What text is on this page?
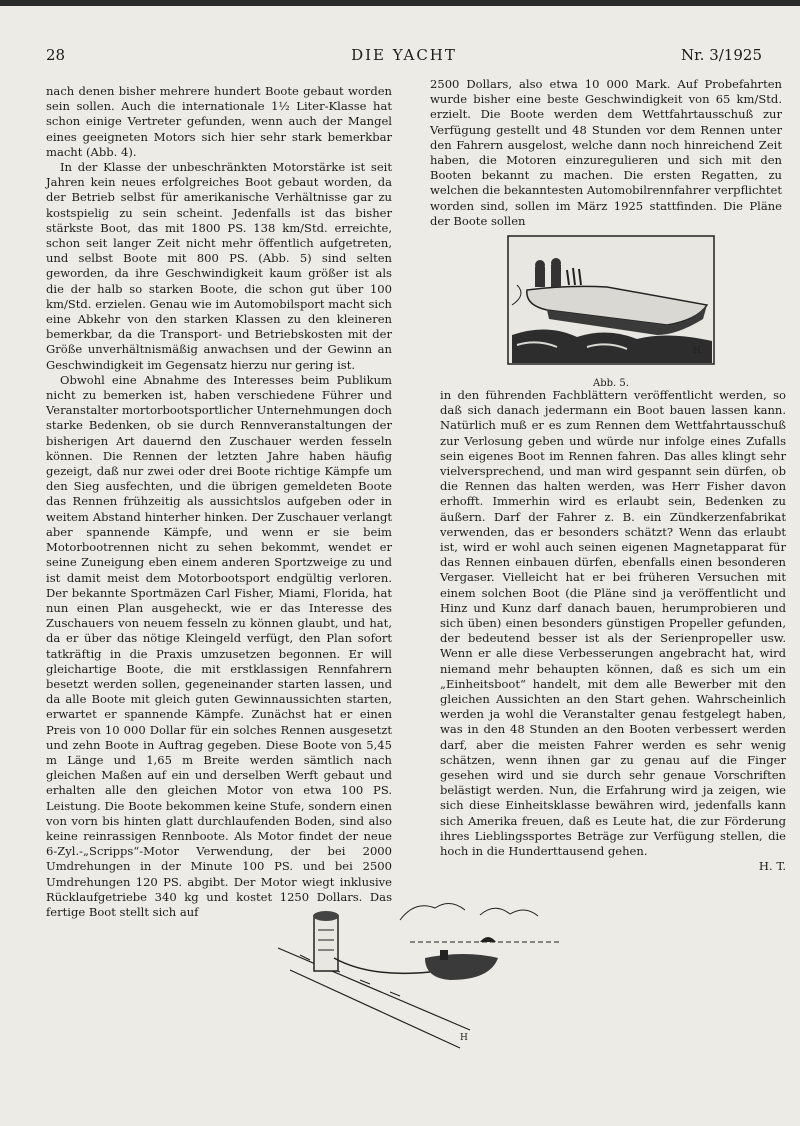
28	DIE YACHT	Nr. 3/1925

nach denen bisher mehrere hundert Boote gebaut worden sein sollen. Auch die internationale 1½ Liter-Klasse hat schon einige Vertreter gefunden, wenn auch der Mangel eines geeigneten Motors sich hier sehr stark bemerkbar macht (Abb. 4).

In der Klasse der unbeschränkten Motorstärke ist seit Jahren kein neues erfolgreiches Boot gebaut worden, da der Betrieb selbst für amerikanische Verhältnisse gar zu kostspielig zu sein scheint. Jedenfalls ist das bisher stärkste Boot, das mit 1800 PS. 138 km/Std. erreichte, schon seit langer Zeit nicht mehr öffentlich aufgetreten, und selbst Boote mit 800 PS. (Abb. 5) sind selten geworden, da ihre Geschwindigkeit kaum größer ist als die der halb so starken Boote, die schon gut über 100 km/Std. erzielen. Genau wie im Automobilsport macht sich eine Abkehr von den starken Klassen zu den kleineren bemerkbar, da die Transport- und Betriebskosten mit der Größe unverhältnismäßig anwachsen und der Gewinn an Geschwindigkeit im Gegensatz hierzu nur gering ist.

Obwohl eine Abnahme des Interesses beim Publikum nicht zu bemerken ist, haben verschiedene Führer und Veranstalter mortorbootsportlicher Unternehmungen doch starke Bedenken, ob sie durch Rennveranstaltungen der bisherigen Art dauernd den Zuschauer werden fesseln können. Die Rennen der letzten Jahre haben häufig gezeigt, daß nur zwei oder drei Boote richtige Kämpfe um den Sieg ausfechten, und die übrigen gemeldeten Boote das Rennen frühzeitig als aussichtslos aufgeben oder in weitem Abstand hinterher hinken. Der Zuschauer verlangt aber spannende Kämpfe, und wenn er sie beim Motorbootrennen nicht zu sehen bekommt, wendet er seine Zuneigung eben einem anderen Sportzweige zu und ist damit meist dem Motorbootsport endgültig verloren. Der bekannte Sportmäzen Carl Fisher, Miami, Florida, hat nun einen Plan ausgeheckt, wie er das Interesse des Zuschauers von neuem fesseln zu können glaubt, und hat, da er über das nötige Kleingeld verfügt, den Plan sofort tatkräftig in die Praxis umzusetzen begonnen. Er will gleichartige Boote, die mit erstklassigen Rennfahrern besetzt werden sollen, gegeneinander starten lassen, und da alle Boote mit gleich guten Gewinnaussichten starten, erwartet er spannende Kämpfe. Zunächst hat er einen Preis von 10 000 Dollar für ein solches Rennen ausgesetzt und zehn Boote in Auftrag gegeben. Diese Boote von 5,45 m Länge und 1,65 m Breite werden sämtlich nach gleichen Maßen auf ein und derselben Werft gebaut und erhalten alle den gleichen Motor von etwa 100 PS. Leistung. Die Boote bekommen keine Stufe, sondern einen von vorn bis hinten glatt durchlaufenden Boden, sind also keine reinrassigen Rennboote. Als Motor findet der neue 6-Zyl.-„Scripps“-Motor Verwendung, der bei 2000 Umdrehungen in der Minute 100 PS. und bei 2500 Umdrehungen 120 PS. abgibt. Der Motor wiegt inklusive Rücklaufgetriebe 340 kg und kostet 1250 Dollars. Das fertige Boot stellt sich auf

2500 Dollars, also etwa 10 000 Mark. Auf Probefahrten wurde bisher eine beste Geschwindigkeit von 65 km/Std. erzielt. Die Boote werden dem Wettfahrtausschuß zur Verfügung gestellt und 48 Stunden vor dem Rennen unter den Fahrern ausgelost, welche dann noch hinreichend Zeit haben, die Motoren einzuregulieren und sich mit den Booten bekannt zu machen. Die ersten Regatten, zu welchen die bekanntesten Automobilrennfahrer verpflichtet worden sind, sollen im März 1925 stattfinden. Die Pläne der Boote sollen

H
Abb. 5.

in den führenden Fachblättern veröffentlicht werden, so daß sich danach jedermann ein Boot bauen lassen kann. Natürlich muß er es zum Rennen dem Wettfahrtausschuß zur Verlosung geben und würde nur infolge eines Zufalls sein eigenes Boot im Rennen fahren. Das alles klingt sehr vielversprechend, und man wird gespannt sein dürfen, ob die Rennen das halten werden, was Herr Fisher davon erhofft. Immerhin wird es erlaubt sein, Bedenken zu äußern. Darf der Fahrer z. B. ein Zündkerzenfabrikat verwenden, das er besonders schätzt? Wenn das erlaubt ist, wird er wohl auch seinen eigenen Magnetapparat für das Rennen einbauen dürfen, ebenfalls einen besonderen Vergaser. Vielleicht hat er bei früheren Versuchen mit einem solchen Boot (die Pläne sind ja veröffentlicht und Hinz und Kunz darf danach bauen, herumprobieren und sich üben) einen besonders günstigen Propeller gefunden, der bedeutend besser ist als der Serienpropeller usw. Wenn er alle diese Verbesserungen angebracht hat, wird niemand mehr behaupten können, daß es sich um ein „Einheitsboot“ handelt, mit dem alle Bewerber mit den gleichen Aussichten an den Start gehen. Wahrscheinlich werden ja wohl die Veranstalter genau festgelegt haben, was in den 48 Stunden an den Booten verbessert werden darf, aber die meisten Fahrer werden es sehr wenig schätzen, wenn ihnen gar zu genau auf die Finger gesehen wird und sie durch sehr genaue Vorschriften belästigt werden. Nun, die Erfahrung wird ja zeigen, wie sich diese Einheitsklasse bewähren wird, jedenfalls kann sich Amerika freuen, daß es Leute hat, die zur Förderung ihres Lieblingssportes Beträge zur Verfügung stellen, die hoch in die Hunderttausend gehen.

H. T.
H
